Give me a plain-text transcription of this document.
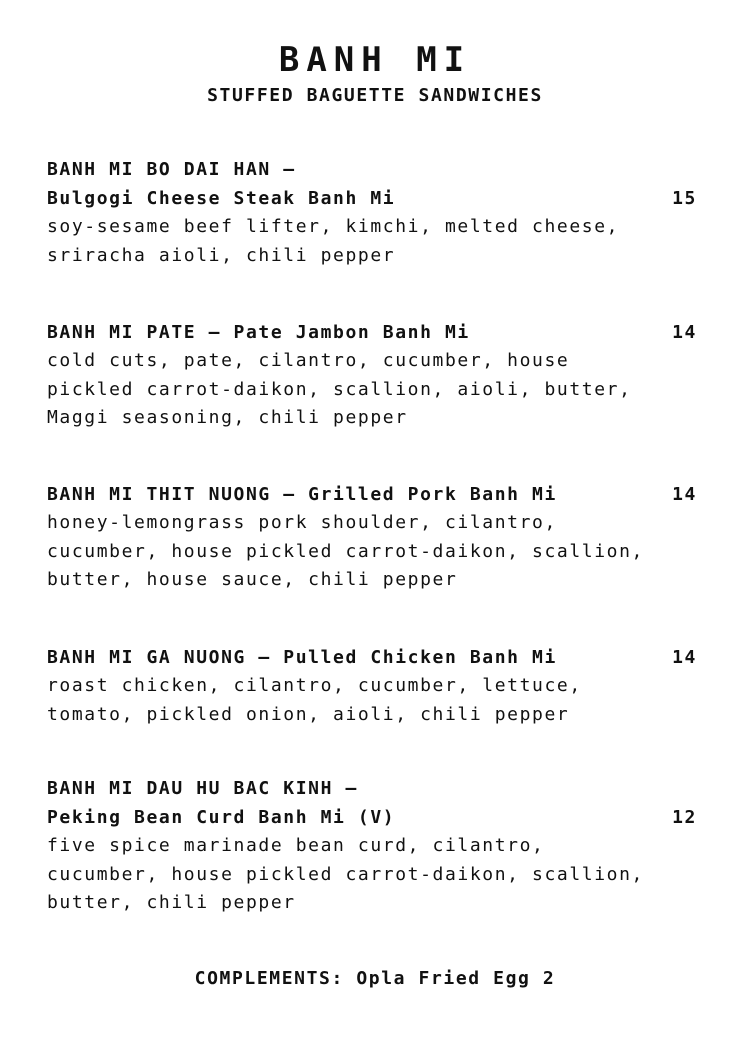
BANH MI
STUFFED BAGUETTE SANDWICHES
BANH MI BO DAI HAN —
Bulgogi Cheese Steak Banh Mi	15
soy-sesame beef lifter, kimchi, melted cheese,
sriracha aioli, chili pepper
BANH MI PATE — Pate Jambon Banh Mi	14
cold cuts, pate, cilantro, cucumber, house
pickled carrot-daikon, scallion, aioli, butter,
Maggi seasoning, chili pepper
BANH MI THIT NUONG — Grilled Pork Banh Mi	14
honey-lemongrass pork shoulder, cilantro,
cucumber, house pickled carrot-daikon, scallion,
butter, house sauce, chili pepper
BANH MI GA NUONG — Pulled Chicken Banh Mi	14
roast chicken, cilantro, cucumber, lettuce,
tomato, pickled onion, aioli, chili pepper
BANH MI DAU HU BAC KINH —
Peking Bean Curd Banh Mi (V)	12
five spice marinade bean curd, cilantro,
cucumber, house pickled carrot-daikon, scallion,
butter, chili pepper
COMPLEMENTS: Opla Fried Egg 2
